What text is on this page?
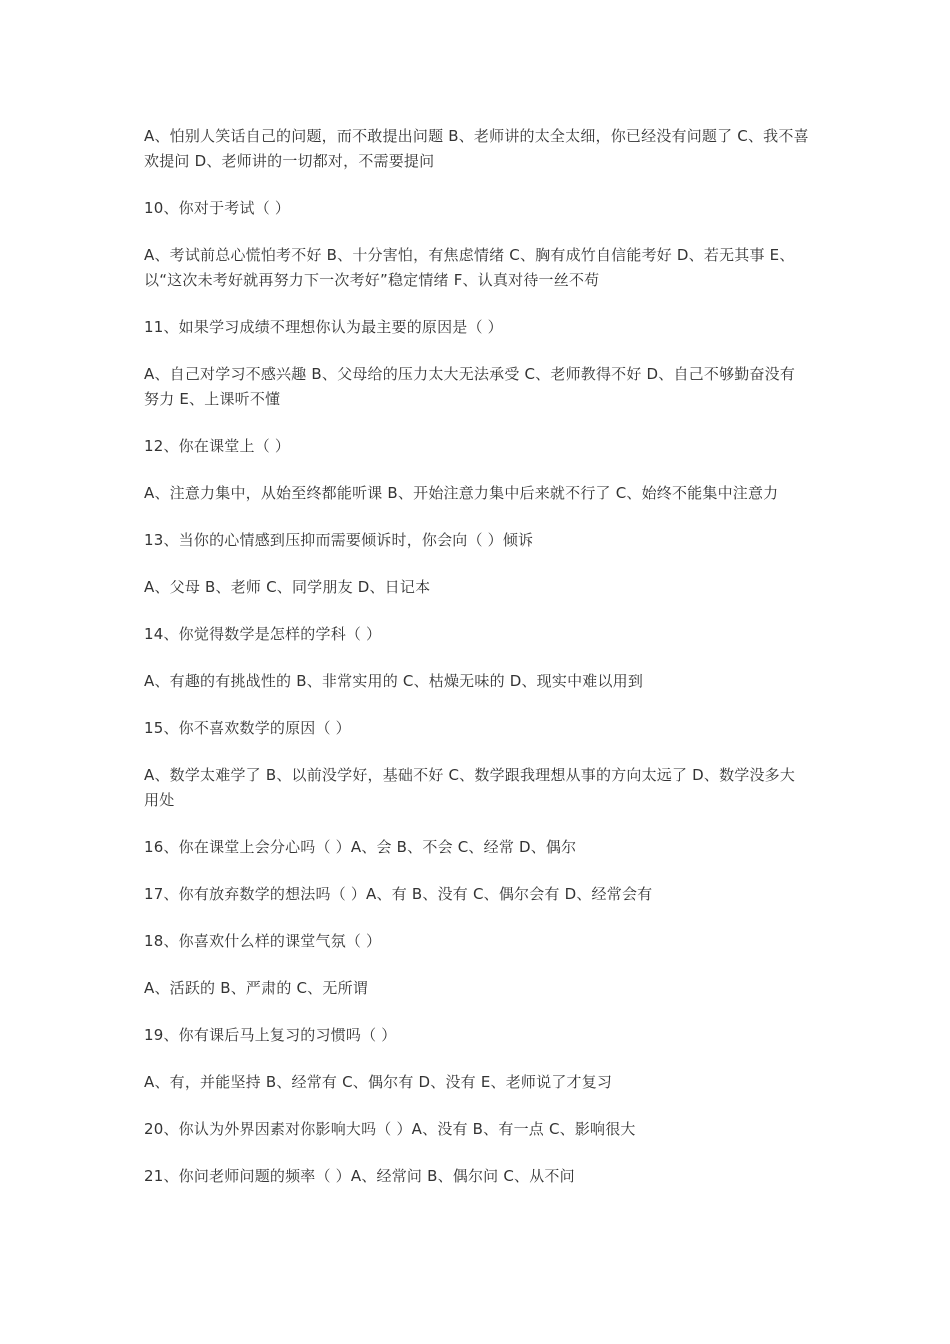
A、怕别人笑话自己的问题，而不敢提出问题 B、老师讲的太全太细，你已经没有问题了 C、我不喜欢提问 D、老师讲的一切都对，不需要提问

10、你对于考试（ ）

A、考试前总心慌怕考不好 B、十分害怕，有焦虑情绪 C、胸有成竹自信能考好 D、若无其事 E、以“这次未考好就再努力下一次考好”稳定情绪 F、认真对待一丝不苟

11、如果学习成绩不理想你认为最主要的原因是（ ）

A、自己对学习不感兴趣 B、父母给的压力太大无法承受 C、老师教得不好 D、自己不够勤奋没有努力 E、上课听不懂

12、你在课堂上（ ）

A、注意力集中，从始至终都能听课 B、开始注意力集中后来就不行了 C、始终不能集中注意力

13、当你的心情感到压抑而需要倾诉时，你会向（ ）倾诉

A、父母 B、老师 C、同学朋友 D、日记本

14、你觉得数学是怎样的学科（ ）

A、有趣的有挑战性的 B、非常实用的 C、枯燥无味的 D、现实中难以用到

15、你不喜欢数学的原因（ ）

A、数学太难学了 B、以前没学好，基础不好 C、数学跟我理想从事的方向太远了 D、数学没多大用处

16、你在课堂上会分心吗（ ）A、会 B、不会 C、经常 D、偶尔

17、你有放弃数学的想法吗（ ）A、有 B、没有 C、偶尔会有 D、经常会有

18、你喜欢什么样的课堂气氛（ ）

A、活跃的 B、严肃的 C、无所谓

19、你有课后马上复习的习惯吗（ ）

A、有，并能坚持 B、经常有 C、偶尔有 D、没有 E、老师说了才复习

20、你认为外界因素对你影响大吗（ ）A、没有 B、有一点 C、影响很大

21、你问老师问题的频率（ ）A、经常问 B、偶尔问 C、从不问
